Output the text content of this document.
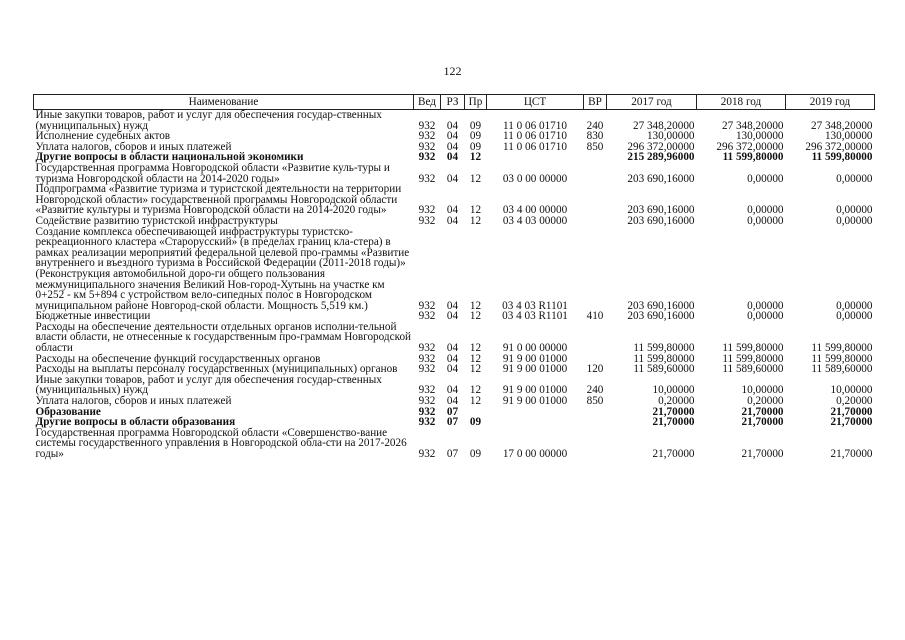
122
Наименование	Вед	РЗ	Пр	ЦСТ	ВР	2017 год	2018 год	2019 год
Иные закупки товаров, работ и услуг для обеспечения государ-ственных (муниципальных) нужд	932	04	09	11 0 06 01710	240	27 348,20000	27 348,20000	27 348,20000
Исполнение судебных актов	932	04	09	11 0 06 01710	830	130,00000	130,00000	130,00000
Уплата налогов, сборов и иных платежей	932	04	09	11 0 06 01710	850	296 372,00000	296 372,00000	296 372,00000
Другие вопросы в области национальной экономики	932	04	12			215 289,96000	11 599,80000	11 599,80000
Государственная программа Новгородской области «Развитие куль-туры и туризма Новгородской области на 2014-2020 годы»	932	04	12	03 0 00 00000		203 690,16000	0,00000	0,00000
Подпрограмма «Развитие туризма и туристской деятельности на территории Новгородской области» государственной программы Новгородской области «Развитие культуры и туризма Новгородской области на 2014-2020 годы»	932	04	12	03 4 00 00000		203 690,16000	0,00000	0,00000
Содействие развитию туристской инфраструктуры	932	04	12	03 4 03 00000		203 690,16000	0,00000	0,00000
Создание комплекса обеспечивающей инфраструктуры туристско-рекреационного кластера «Старорусский» (в пределах границ кла-стера) в рамках реализации мероприятий федеральной целевой про-граммы «Развитие внутреннего и въездного туризма в Российской Федерации (2011-2018 годы)» (Реконструкция автомобильной доро-ги общего пользования межмуниципального значения Великий Нов-город-Хутынь на участке км 0+252 - км 5+894 с устройством вело-сипедных полос в Новгородском муниципальном районе Новгород-ской области. Мощность 5,519 км.)	932	04	12	03 4 03 R1101		203 690,16000	0,00000	0,00000
Бюджетные инвестиции	932	04	12	03 4 03 R1101	410	203 690,16000	0,00000	0,00000
Расходы на обеспечение деятельности отдельных органов исполни-тельной власти области, не отнесенные к государственным про-граммам Новгородской области	932	04	12	91 0 00 00000		11 599,80000	11 599,80000	11 599,80000
Расходы на обеспечение функций государственных органов	932	04	12	91 9 00 01000		11 599,80000	11 599,80000	11 599,80000
Расходы на выплаты персоналу государственных (муниципальных) органов	932	04	12	91 9 00 01000	120	11 589,60000	11 589,60000	11 589,60000
Иные закупки товаров, работ и услуг для обеспечения государ-ственных (муниципальных) нужд	932	04	12	91 9 00 01000	240	10,00000	10,00000	10,00000
Уплата налогов, сборов и иных платежей	932	04	12	91 9 00 01000	850	0,20000	0,20000	0,20000
Образование	932	07				21,70000	21,70000	21,70000
Другие вопросы в области образования	932	07	09			21,70000	21,70000	21,70000
Государственная программа Новгородской области «Совершенство-вание системы государственного управления в Новгородской обла-сти на 2017-2026 годы»	932	07	09	17 0 00 00000		21,70000	21,70000	21,70000
